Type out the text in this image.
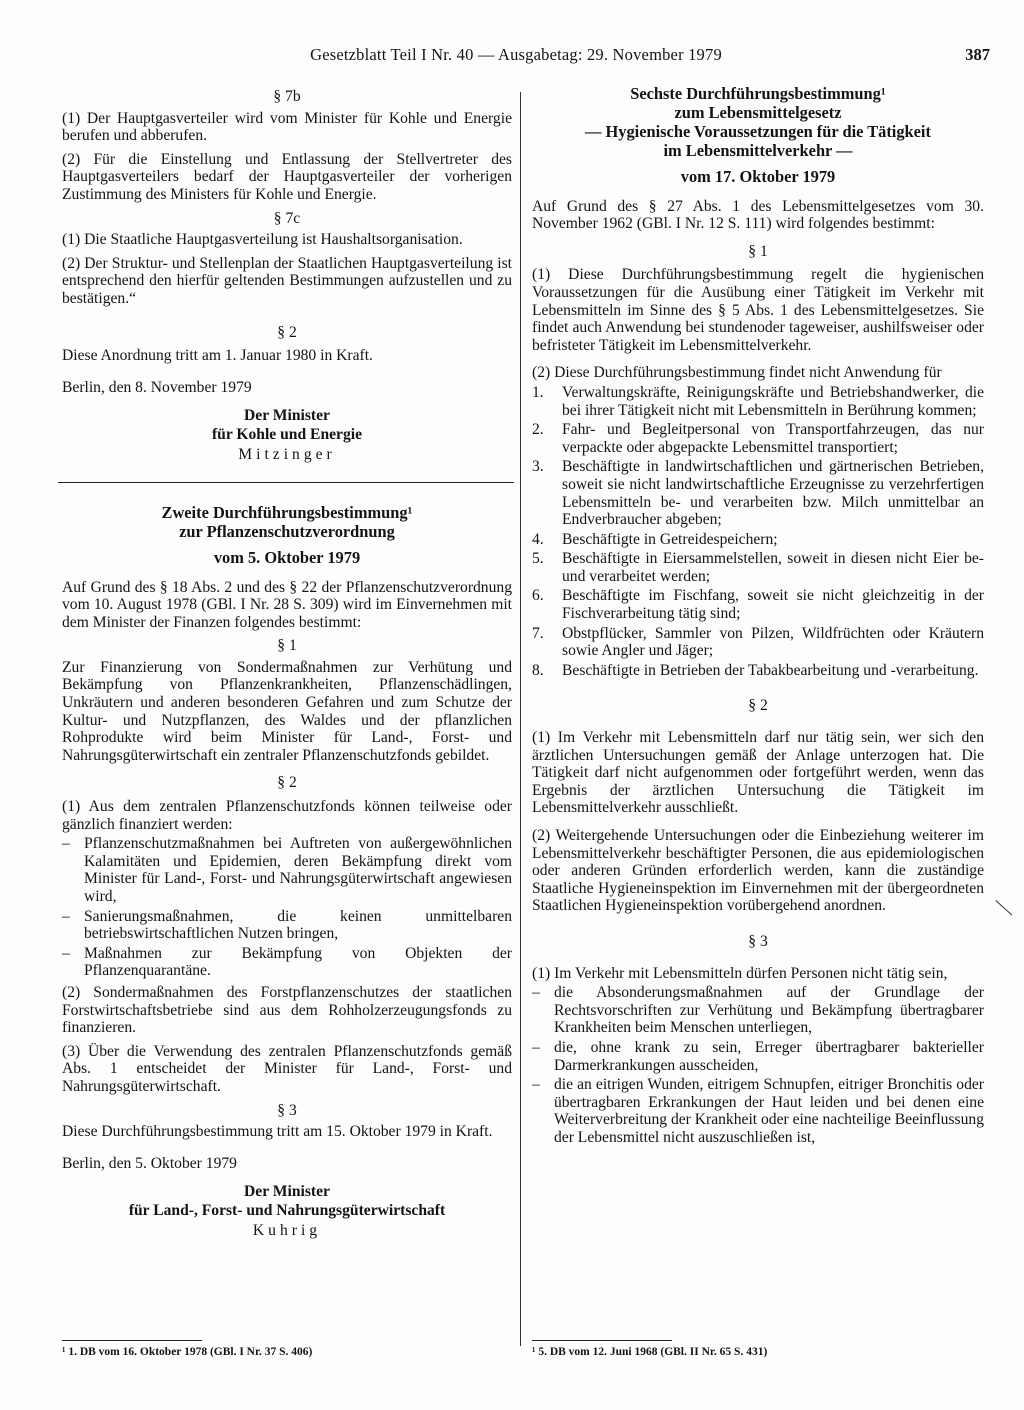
Gesetzblatt Teil I Nr. 40 — Ausgabetag: 29. November 1979	387
§ 7b

(1) Der Hauptgasverteiler wird vom Minister für Kohle und Energie berufen und abberufen.

(2) Für die Einstellung und Entlassung der Stellvertreter des Hauptgasverteilers bedarf der Hauptgasverteiler der vorherigen Zustimmung des Ministers für Kohle und Energie.

§ 7c

(1) Die Staatliche Hauptgasverteilung ist Haushaltsorganisation.

(2) Der Struktur- und Stellenplan der Staatlichen Hauptgasverteilung ist entsprechend den hierfür geltenden Bestimmungen aufzustellen und zu bestätigen.“

§ 2

Diese Anordnung tritt am 1. Januar 1980 in Kraft.

Berlin, den 8. November 1979

Der Minister

für Kohle und Energie

Mitzinger

Zweite Durchführungsbestimmung¹

zur Pflanzenschutzverordnung

vom 5. Oktober 1979

Auf Grund des § 18 Abs. 2 und des § 22 der Pflanzenschutzverordnung vom 10. August 1978 (GBl. I Nr. 28 S. 309) wird im Einvernehmen mit dem Minister der Finanzen folgendes bestimmt:

§ 1

Zur Finanzierung von Sondermaßnahmen zur Verhütung und Bekämpfung von Pflanzenkrankheiten, Pflanzenschädlingen, Unkräutern und anderen besonderen Gefahren und zum Schutze der Kultur- und Nutzpflanzen, des Waldes und der pflanzlichen Rohprodukte wird beim Minister für Land-, Forst- und Nahrungsgüterwirtschaft ein zentraler Pflanzenschutzfonds gebildet.

§ 2

(1) Aus dem zentralen Pflanzenschutzfonds können teilweise oder gänzlich finanziert werden:

– Pflanzenschutzmaßnahmen bei Auftreten von außergewöhnlichen Kalamitäten und Epidemien, deren Bekämpfung direkt vom Minister für Land-, Forst- und Nahrungsgüterwirtschaft angewiesen wird,
– Sanierungsmaßnahmen, die keinen unmittelbaren betriebswirtschaftlichen Nutzen bringen,
– Maßnahmen zur Bekämpfung von Objekten der Pflanzenquarantäne.

(2) Sondermaßnahmen des Forstpflanzenschutzes der staatlichen Forstwirtschaftsbetriebe sind aus dem Rohholzerzeugungsfonds zu finanzieren.

(3) Über die Verwendung des zentralen Pflanzenschutzfonds gemäß Abs. 1 entscheidet der Minister für Land-, Forst- und Nahrungsgüterwirtschaft.

§ 3

Diese Durchführungsbestimmung tritt am 15. Oktober 1979 in Kraft.

Berlin, den 5. Oktober 1979

Der Minister

für Land-, Forst- und Nahrungsgüterwirtschaft

Kuhrig

Sechste Durchführungsbestimmung¹

zum Lebensmittelgesetz

— Hygienische Voraussetzungen für die Tätigkeit

im Lebensmittelverkehr —

vom 17. Oktober 1979

Auf Grund des § 27 Abs. 1 des Lebensmittelgesetzes vom 30. November 1962 (GBl. I Nr. 12 S. 111) wird folgendes bestimmt:

§ 1

(1) Diese Durchführungsbestimmung regelt die hygienischen Voraussetzungen für die Ausübung einer Tätigkeit im Verkehr mit Lebensmitteln im Sinne des § 5 Abs. 1 des Lebensmittelgesetzes. Sie findet auch Anwendung bei stundenoder tageweiser, aushilfsweiser oder befristeter Tätigkeit im Lebensmittelverkehr.

(2) Diese Durchführungsbestimmung findet nicht Anwendung für

1.	Verwaltungskräfte, Reinigungskräfte und Betriebshandwerker, die bei ihrer Tätigkeit nicht mit Lebensmitteln in Berührung kommen;
2.	Fahr- und Begleitpersonal von Transportfahrzeugen, das nur verpackte oder abgepackte Lebensmittel transportiert;
3.	Beschäftigte in landwirtschaftlichen und gärtnerischen Betrieben, soweit sie nicht landwirtschaftliche Erzeugnisse zu verzehrfertigen Lebensmitteln be- und verarbeiten bzw. Milch unmittelbar an Endverbraucher abgeben;
4.	Beschäftigte in Getreidespeichern;
5.	Beschäftigte in Eiersammelstellen, soweit in diesen nicht Eier be- und verarbeitet werden;
6.	Beschäftigte im Fischfang, soweit sie nicht gleichzeitig in der Fischverarbeitung tätig sind;
7.	Obstpflücker, Sammler von Pilzen, Wildfrüchten oder Kräutern sowie Angler und Jäger;
8.	Beschäftigte in Betrieben der Tabakbearbeitung und -verarbeitung.
§ 2

(1) Im Verkehr mit Lebensmitteln darf nur tätig sein, wer sich den ärztlichen Untersuchungen gemäß der Anlage unterzogen hat. Die Tätigkeit darf nicht aufgenommen oder fortgeführt werden, wenn das Ergebnis der ärztlichen Untersuchung die Tätigkeit im Lebensmittelverkehr ausschließt.

(2) Weitergehende Untersuchungen oder die Einbeziehung weiterer im Lebensmittelverkehr beschäftigter Personen, die aus epidemiologischen oder anderen Gründen erforderlich werden, kann die zuständige Staatliche Hygieneinspektion im Einvernehmen mit der übergeordneten Staatlichen Hygieneinspektion vorübergehend anordnen.

§ 3

(1) Im Verkehr mit Lebensmitteln dürfen Personen nicht tätig sein,

– die Absonderungsmaßnahmen auf der Grundlage der Rechtsvorschriften zur Verhütung und Bekämpfung übertragbarer Krankheiten beim Menschen unterliegen,
– die, ohne krank zu sein, Erreger übertragbarer bakterieller Darmerkrankungen ausscheiden,
– die an eitrigen Wunden, eitrigem Schnupfen, eitriger Bronchitis oder übertragbaren Erkrankungen der Haut leiden und bei denen eine Weiterverbreitung der Krankheit oder eine nachteilige Beeinflussung der Lebensmittel nicht auszuschließen ist,
¹ 1. DB vom 16. Oktober 1978 (GBl. I Nr. 37 S. 406)	¹ 5. DB vom 12. Juni 1968 (GBl. II Nr. 65 S. 431)
